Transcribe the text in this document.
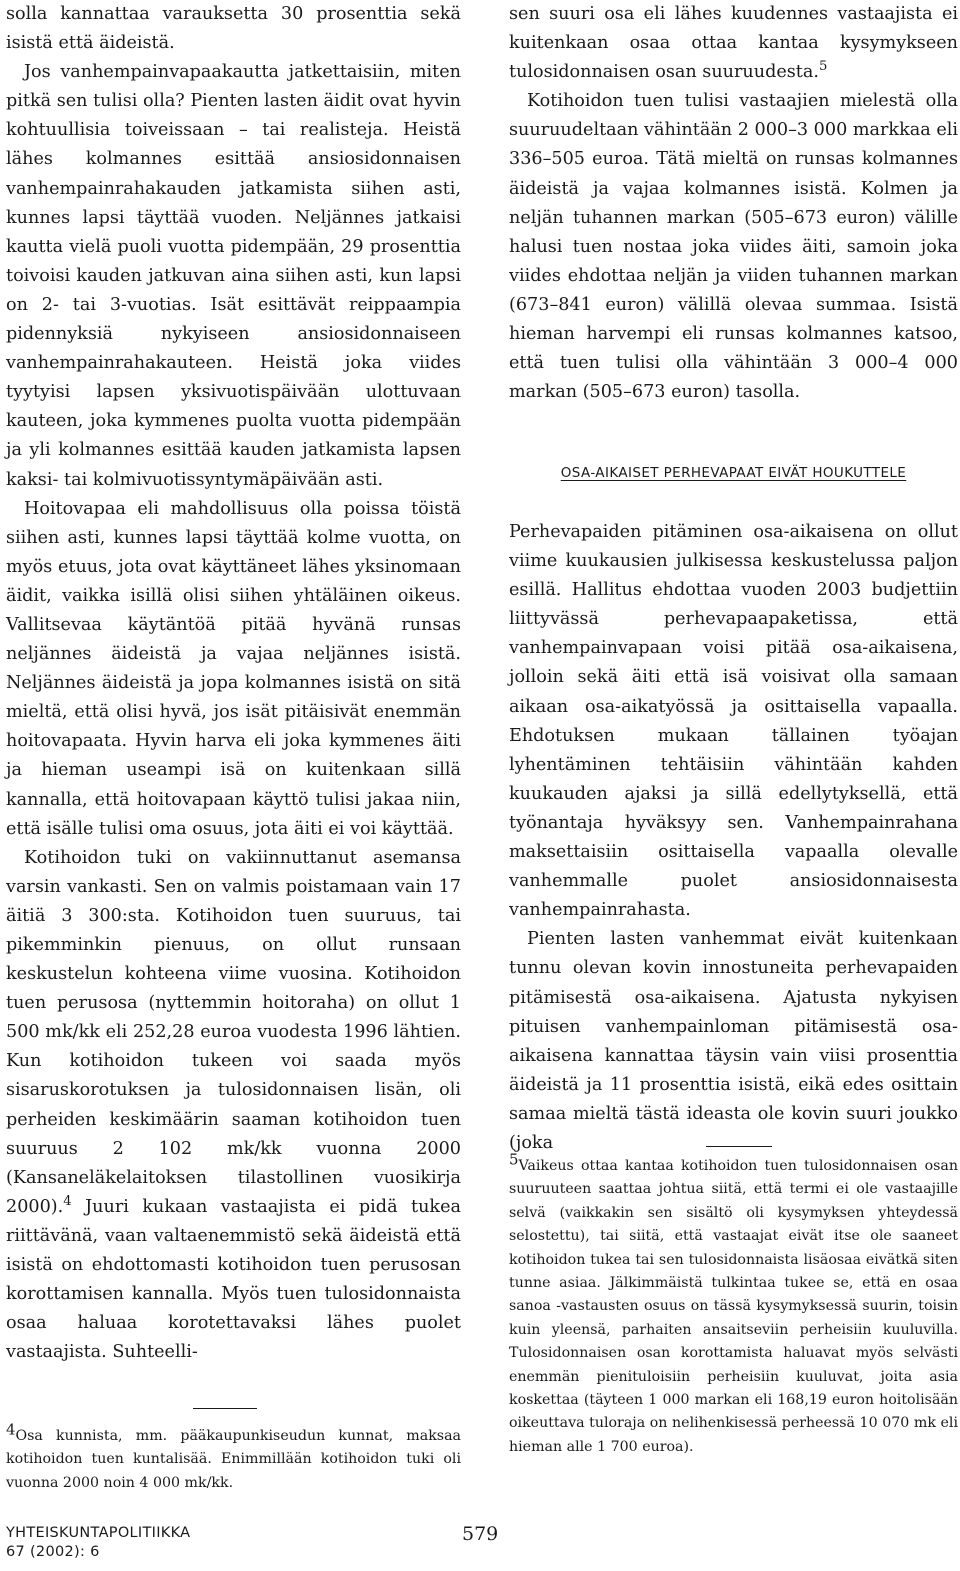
solla kannattaa varauksetta 30 prosenttia sekä isistä että äideistä.

Jos vanhempainvapaakautta jatkettaisiin, miten pitkä sen tulisi olla? Pienten lasten äidit ovat hyvin kohtuullisia toiveissaan – tai realisteja. Heistä lähes kolmannes esittää ansiosidonnaisen vanhempainrahakauden jatkamista siihen asti, kunnes lapsi täyttää vuoden. Neljännes jatkaisi kautta vielä puoli vuotta pidempään, 29 prosenttia toivoisi kauden jatkuvan aina siihen asti, kun lapsi on 2- tai 3-vuotias. Isät esittävät reippaampia pidennyksiä nykyiseen ansiosidonnaiseen vanhempainrahakauteen. Heistä joka viides tyytyisi lapsen yksivuotispäivään ulottuvaan kauteen, joka kymmenes puolta vuotta pidempään ja yli kolmannes esittää kauden jatkamista lapsen kaksi- tai kolmivuotissyntymäpäivään asti.

Hoitovapaa eli mahdollisuus olla poissa töistä siihen asti, kunnes lapsi täyttää kolme vuotta, on myös etuus, jota ovat käyttäneet lähes yksinomaan äidit, vaikka isillä olisi siihen yhtäläinen oikeus. Vallitsevaa käytäntöä pitää hyvänä runsas neljännes äideistä ja vajaa neljännes isistä. Neljännes äideistä ja jopa kolmannes isistä on sitä mieltä, että olisi hyvä, jos isät pitäisivät enemmän hoitovapaata. Hyvin harva eli joka kymmenes äiti ja hieman useampi isä on kuitenkaan sillä kannalla, että hoitovapaan käyttö tulisi jakaa niin, että isälle tulisi oma osuus, jota äiti ei voi käyttää.

Kotihoidon tuki on vakiinnuttanut asemansa varsin vankasti. Sen on valmis poistamaan vain 17 äitiä 3 300:sta. Kotihoidon tuen suuruus, tai pikemminkin pienuus, on ollut runsaan keskustelun kohteena viime vuosina. Kotihoidon tuen perusosa (nyttemmin hoitoraha) on ollut 1 500 mk/kk eli 252,28 euroa vuodesta 1996 lähtien. Kun kotihoidon tukeen voi saada myös sisaruskorotuksen ja tulosidonnaisen lisän, oli perheiden keskimäärin saaman kotihoidon tuen suuruus 2 102 mk/kk vuonna 2000 (Kansaneläkelaitoksen tilastollinen vuosikirja 2000).$^4$ Juuri kukaan vastaajista ei pidä tukea riittävänä, vaan valtaenemmistö sekä äideistä että isistä on ehdottomasti kotihoidon tuen perusosan korottamisen kannalla. Myös tuen tulosidonnaista osaa haluaa korotettavaksi lähes puolet vastaajista. Suhteelli-

$^4$Osa kunnista, mm. pääkaupunkiseudun kunnat, maksaa kotihoidon tuen kuntalisää. Enimmillään kotihoidon tuki oli vuonna 2000 noin 4 000 mk/kk.

sen suuri osa eli lähes kuudennes vastaajista ei kuitenkaan osaa ottaa kantaa kysymykseen tulosidonnaisen osan suuruudesta.$^5$

Kotihoidon tuen tulisi vastaajien mielestä olla suuruudeltaan vähintään 2 000–3 000 markkaa eli 336–505 euroa. Tätä mieltä on runsas kolmannes äideistä ja vajaa kolmannes isistä. Kolmen ja neljän tuhannen markan (505–673 euron) välille halusi tuen nostaa joka viides äiti, samoin joka viides ehdottaa neljän ja viiden tuhannen markan (673–841 euron) välillä olevaa summaa. Isistä hieman harvempi eli runsas kolmannes katsoo, että tuen tulisi olla vähintään 3 000–4 000 markan (505–673 euron) tasolla.

OSA-AIKAISET PERHEVAPAAT EIVÄT HOUKUTTELE

Perhevapaiden pitäminen osa-aikaisena on ollut viime kuukausien julkisessa keskustelussa paljon esillä. Hallitus ehdottaa vuoden 2003 budjettiin liittyvässä perhevapaapaketissa, että vanhempainvapaan voisi pitää osa-aikaisena, jolloin sekä äiti että isä voisivat olla samaan aikaan osa-aikatyössä ja osittaisella vapaalla. Ehdotuksen mukaan tällainen työajan lyhentäminen tehtäisiin vähintään kahden kuukauden ajaksi ja sillä edellytyksellä, että työnantaja hyväksyy sen. Vanhempainrahana maksettaisiin osittaisella vapaalla olevalle vanhemmalle puolet ansiosidonnaisesta vanhempainrahasta.

Pienten lasten vanhemmat eivät kuitenkaan tunnu olevan kovin innostuneita perhevapaiden pitämisestä osa-aikaisena. Ajatusta nykyisen pituisen vanhempainloman pitämisestä osa-aikaisena kannattaa täysin vain viisi prosenttia äideistä ja 11 prosenttia isistä, eikä edes osittain samaa mieltä tästä ideasta ole kovin suuri joukko (joka

$^5$Vaikeus ottaa kantaa kotihoidon tuen tulosidonnaisen osan suuruuteen saattaa johtua siitä, että termi ei ole vastaajille selvä (vaikkakin sen sisältö oli kysymyksen yhteydessä selostettu), tai siitä, että vastaajat eivät itse ole saaneet kotihoidon tukea tai sen tulosidonnaista lisäosaa eivätkä siten tunne asiaa. Jälkimmäistä tulkintaa tukee se, että en osaa sanoa -vastausten osuus on tässä kysymyksessä suurin, toisin kuin yleensä, parhaiten ansaitseviin perheisiin kuuluvilla. Tulosidonnaisen osan korottamista haluavat myös selvästi enemmän pienituloisiin perheisiin kuuluvat, joita asia koskettaa (täyteen 1 000 markan eli 168,19 euron hoitolisään oikeuttava tuloraja on nelihenkisessä perheessä 10 070 mk eli hieman alle 1 700 euroa).

YHTEISKUNTAPOLITIIKKA
67 (2002): 6
579
